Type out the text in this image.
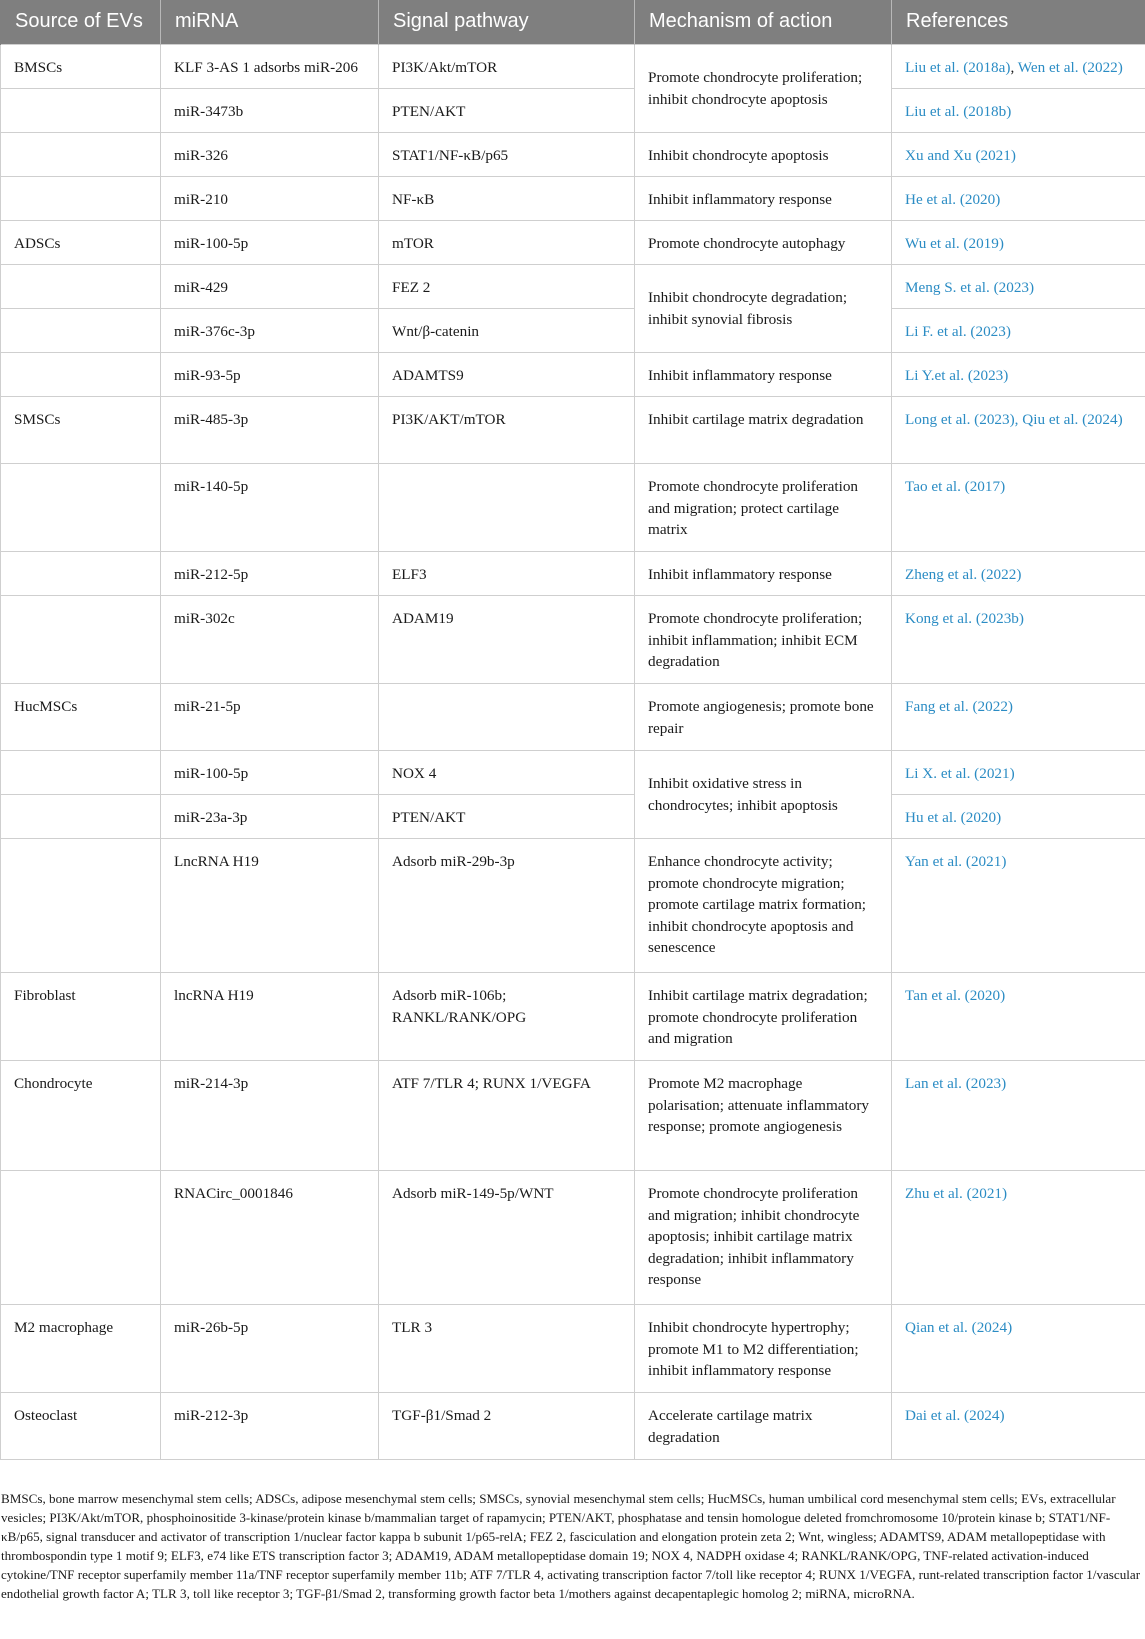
Source of EVs	miRNA	Signal pathway	Mechanism of action	References
BMSCs	KLF 3-AS 1 adsorbs miR-206	PI3K/Akt/mTOR	Promote chondrocyte proliferation; inhibit chondrocyte apoptosis	Liu et al. (2018a), Wen et al. (2022)
	miR-3473b	PTEN/AKT		Liu et al. (2018b)
	miR-326	STAT1/NF-κB/p65	Inhibit chondrocyte apoptosis	Xu and Xu (2021)
	miR-210	NF-κB	Inhibit inflammatory response	He et al. (2020)
ADSCs	miR-100-5p	mTOR	Promote chondrocyte autophagy	Wu et al. (2019)
	miR-429	FEZ 2	Inhibit chondrocyte degradation; inhibit synovial fibrosis	Meng S. et al. (2023)
	miR-376c-3p	Wnt/β-catenin		Li F. et al. (2023)
	miR-93-5p	ADAMTS9	Inhibit inflammatory response	Li Y.et al. (2023)
SMSCs	miR-485-3p	PI3K/AKT/mTOR	Inhibit cartilage matrix degradation	Long et al. (2023), Qiu et al. (2024)
	miR-140-5p		Promote chondrocyte proliferation and migration; protect cartilage matrix	Tao et al. (2017)
	miR-212-5p	ELF3	Inhibit inflammatory response	Zheng et al. (2022)
	miR-302c	ADAM19	Promote chondrocyte proliferation; inhibit inflammation; inhibit ECM degradation	Kong et al. (2023b)
HucMSCs	miR-21-5p		Promote angiogenesis; promote bone repair	Fang et al. (2022)
	miR-100-5p	NOX 4	Inhibit oxidative stress in chondrocytes; inhibit apoptosis	Li X. et al. (2021)
	miR-23a-3p	PTEN/AKT		Hu et al. (2020)
	LncRNA H19	Adsorb miR-29b-3p	Enhance chondrocyte activity; promote chondrocyte migration; promote cartilage matrix formation; inhibit chondrocyte apoptosis and senescence	Yan et al. (2021)
Fibroblast	lncRNA H19	Adsorb miR-106b; RANKL/RANK/OPG	Inhibit cartilage matrix degradation; promote chondrocyte proliferation and migration	Tan et al. (2020)
Chondrocyte	miR-214-3p	ATF 7/TLR 4; RUNX 1/VEGFA	Promote M2 macrophage polarisation; attenuate inflammatory response; promote angiogenesis	Lan et al. (2023)
	RNACirc_0001846	Adsorb miR-149-5p/WNT	Promote chondrocyte proliferation and migration; inhibit chondrocyte apoptosis; inhibit cartilage matrix degradation; inhibit inflammatory response	Zhu et al. (2021)
M2 macrophage	miR-26b-5p	TLR 3	Inhibit chondrocyte hypertrophy; promote M1 to M2 differentiation; inhibit inflammatory response	Qian et al. (2024)
Osteoclast	miR-212-3p	TGF-β1/Smad 2	Accelerate cartilage matrix degradation	Dai et al. (2024)
BMSCs, bone marrow mesenchymal stem cells; ADSCs, adipose mesenchymal stem cells; SMSCs, synovial mesenchymal stem cells; HucMSCs, human umbilical cord mesenchymal stem cells; EVs, extracellular vesicles; PI3K/Akt/mTOR, phosphoinositide 3-kinase/protein kinase b/mammalian target of rapamycin; PTEN/AKT, phosphatase and tensin homologue deleted fromchromosome 10/protein kinase b; STAT1/NF-κB/p65, signal transducer and activator of transcription 1/nuclear factor kappa b subunit 1/p65-relA; FEZ 2, fasciculation and elongation protein zeta 2; Wnt, wingless; ADAMTS9, ADAM metallopeptidase with thrombospondin type 1 motif 9; ELF3, e74 like ETS transcription factor 3; ADAM19, ADAM metallopeptidase domain 19; NOX 4, NADPH oxidase 4; RANKL/RANK/OPG, TNF-related activation-induced cytokine/TNF receptor superfamily member 11a/TNF receptor superfamily member 11b; ATF 7/TLR 4, activating transcription factor 7/toll like receptor 4; RUNX 1/VEGFA, runt-related transcription factor 1/vascular endothelial growth factor A; TLR 3, toll like receptor 3; TGF-β1/Smad 2, transforming growth factor beta 1/mothers against decapentaplegic homolog 2; miRNA, microRNA.
